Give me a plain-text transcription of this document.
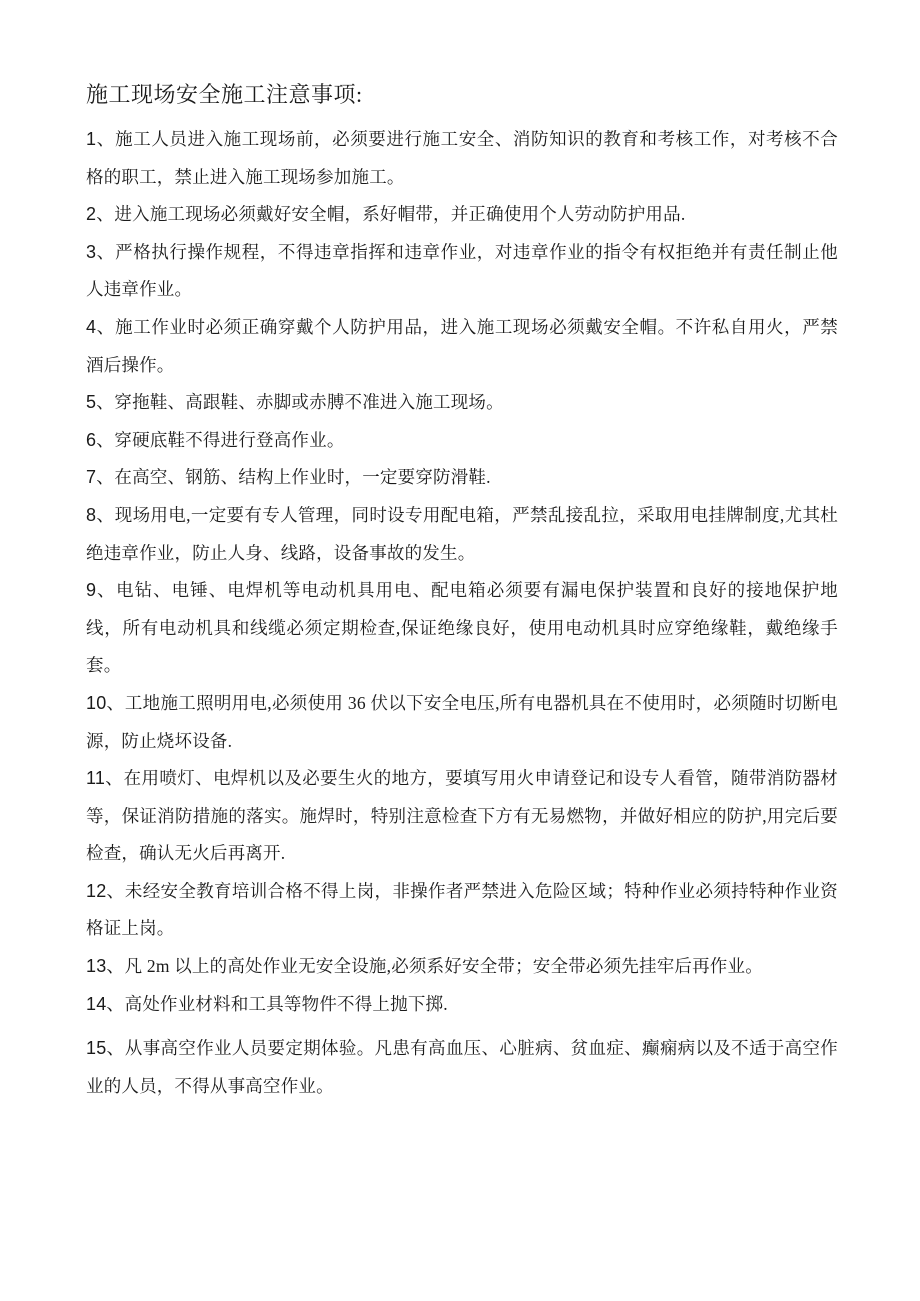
施工现场安全施工注意事项:

1、施工人员进入施工现场前，必须要进行施工安全、消防知识的教育和考核工作，对考核不合格的职工，禁止进入施工现场参加施工。

2、进入施工现场必须戴好安全帽，系好帽带，并正确使用个人劳动防护用品.

3、严格执行操作规程，不得违章指挥和违章作业，对违章作业的指令有权拒绝并有责任制止他人违章作业。

4、施工作业时必须正确穿戴个人防护用品，进入施工现场必须戴安全帽。不许私自用火，严禁酒后操作。

5、穿拖鞋、高跟鞋、赤脚或赤膊不准进入施工现场。

6、穿硬底鞋不得进行登高作业。

7、在高空、钢筋、结构上作业时，一定要穿防滑鞋.

8、现场用电,一定要有专人管理，同时设专用配电箱，严禁乱接乱拉，采取用电挂牌制度,尤其杜绝违章作业，防止人身、线路，设备事故的发生。

9、电钻、电锤、电焊机等电动机具用电、配电箱必须要有漏电保护装置和良好的接地保护地线，所有电动机具和线缆必须定期检查,保证绝缘良好，使用电动机具时应穿绝缘鞋，戴绝缘手套。

10、工地施工照明用电,必须使用 36 伏以下安全电压,所有电器机具在不使用时，必须随时切断电源，防止烧坏设备.

11、在用喷灯、电焊机以及必要生火的地方，要填写用火申请登记和设专人看管，随带消防器材等，保证消防措施的落实。施焊时，特别注意检查下方有无易燃物，并做好相应的防护,用完后要检查，确认无火后再离开.

12、未经安全教育培训合格不得上岗，非操作者严禁进入危险区域；特种作业必须持特种作业资格证上岗。

13、凡 2m 以上的高处作业无安全设施,必须系好安全带；安全带必须先挂牢后再作业。

14、高处作业材料和工具等物件不得上抛下掷.

15、从事高空作业人员要定期体验。凡患有高血压、心脏病、贫血症、癫痫病以及不适于高空作业的人员，不得从事高空作业。
